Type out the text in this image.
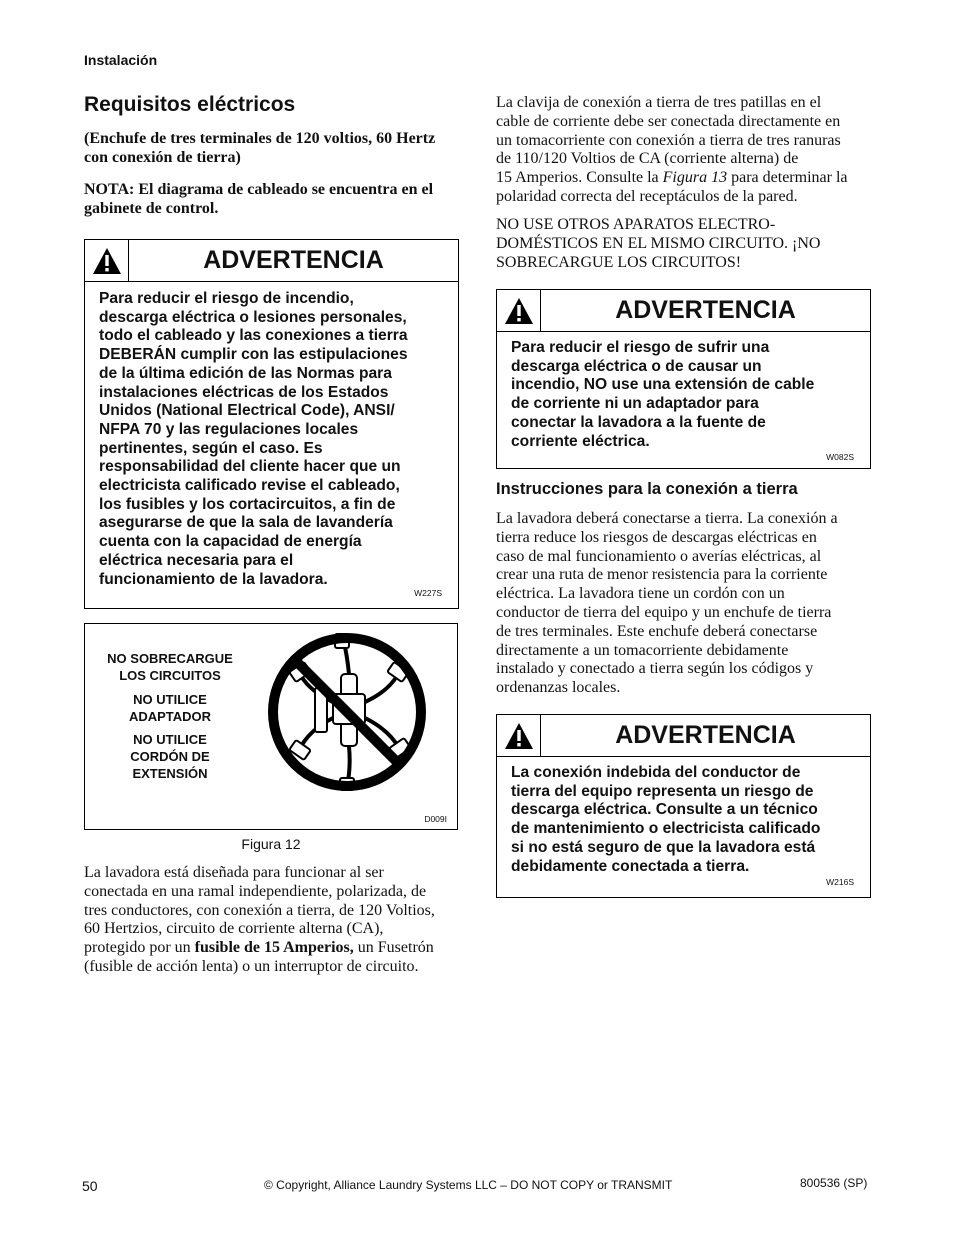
Instalación
Requisitos eléctricos
(Enchufe de tres terminales de 120 voltios, 60 Hertz
con conexión de tierra)
NOTA: El diagrama de cableado se encuentra en el
gabinete de control.
ADVERTENCIA
Para reducir el riesgo de incendio,
descarga eléctrica o lesiones personales,
todo el cableado y las conexiones a tierra
DEBERÁN cumplir con las estipulaciones
de la última edición de las Normas para
instalaciones eléctricas de los Estados
Unidos (National Electrical Code), ANSI/
NFPA 70 y las regulaciones locales
pertinentes, según el caso. Es
responsabilidad del cliente hacer que un
electricista calificado revise el cableado,
los fusibles y los cortacircuitos, a fin de
asegurarse de que la sala de lavandería
cuenta con la capacidad de energía
eléctrica necesaria para el
funcionamiento de la lavadora.
W227S
NO SOBRECARGUE
LOS CIRCUITOS
NO UTILICE
ADAPTADOR
NO UTILICE
CORDÓN DE
EXTENSIÓN
D009I
Figura 12
La lavadora está diseñada para funcionar al ser
conectada en una ramal independiente, polarizada, de
tres conductores, con conexión a tierra, de 120 Voltios,
60 Hertzios, circuito de corriente alterna (CA),
protegido por un fusible de 15 Amperios, un Fusetrón
(fusible de acción lenta) o un interruptor de circuito.
La clavija de conexión a tierra de tres patillas en el
cable de corriente debe ser conectada directamente en
un tomacorriente con conexión a tierra de tres ranuras
de 110/120 Voltios de CA (corriente alterna) de
15 Amperios. Consulte la Figura 13 para determinar la
polaridad correcta del receptáculos de la pared.
NO USE OTROS APARATOS ELECTRO-
DOMÉSTICOS EN EL MISMO CIRCUITO. ¡NO
SOBRECARGUE LOS CIRCUITOS!
ADVERTENCIA
Para reducir el riesgo de sufrir una
descarga eléctrica o de causar un
incendio, NO use una extensión de cable
de corriente ni un adaptador para
conectar la lavadora a la fuente de
corriente eléctrica.
W082S
Instrucciones para la conexión a tierra
La lavadora deberá conectarse a tierra. La conexión a
tierra reduce los riesgos de descargas eléctricas en
caso de mal funcionamiento o averías eléctricas, al
crear una ruta de menor resistencia para la corriente
eléctrica. La lavadora tiene un cordón con un
conductor de tierra del equipo y un enchufe de tierra
de tres terminales. Este enchufe deberá conectarse
directamente a un tomacorriente debidamente
instalado y conectado a tierra según los códigos y
ordenanzas locales.
ADVERTENCIA
La conexión indebida del conductor de
tierra del equipo representa un riesgo de
descarga eléctrica. Consulte a un técnico
de mantenimiento o electricista calificado
si no está seguro de que la lavadora está
debidamente conectada a tierra.
W216S
50	© Copyright, Alliance Laundry Systems LLC – DO NOT COPY or TRANSMIT	800536 (SP)
